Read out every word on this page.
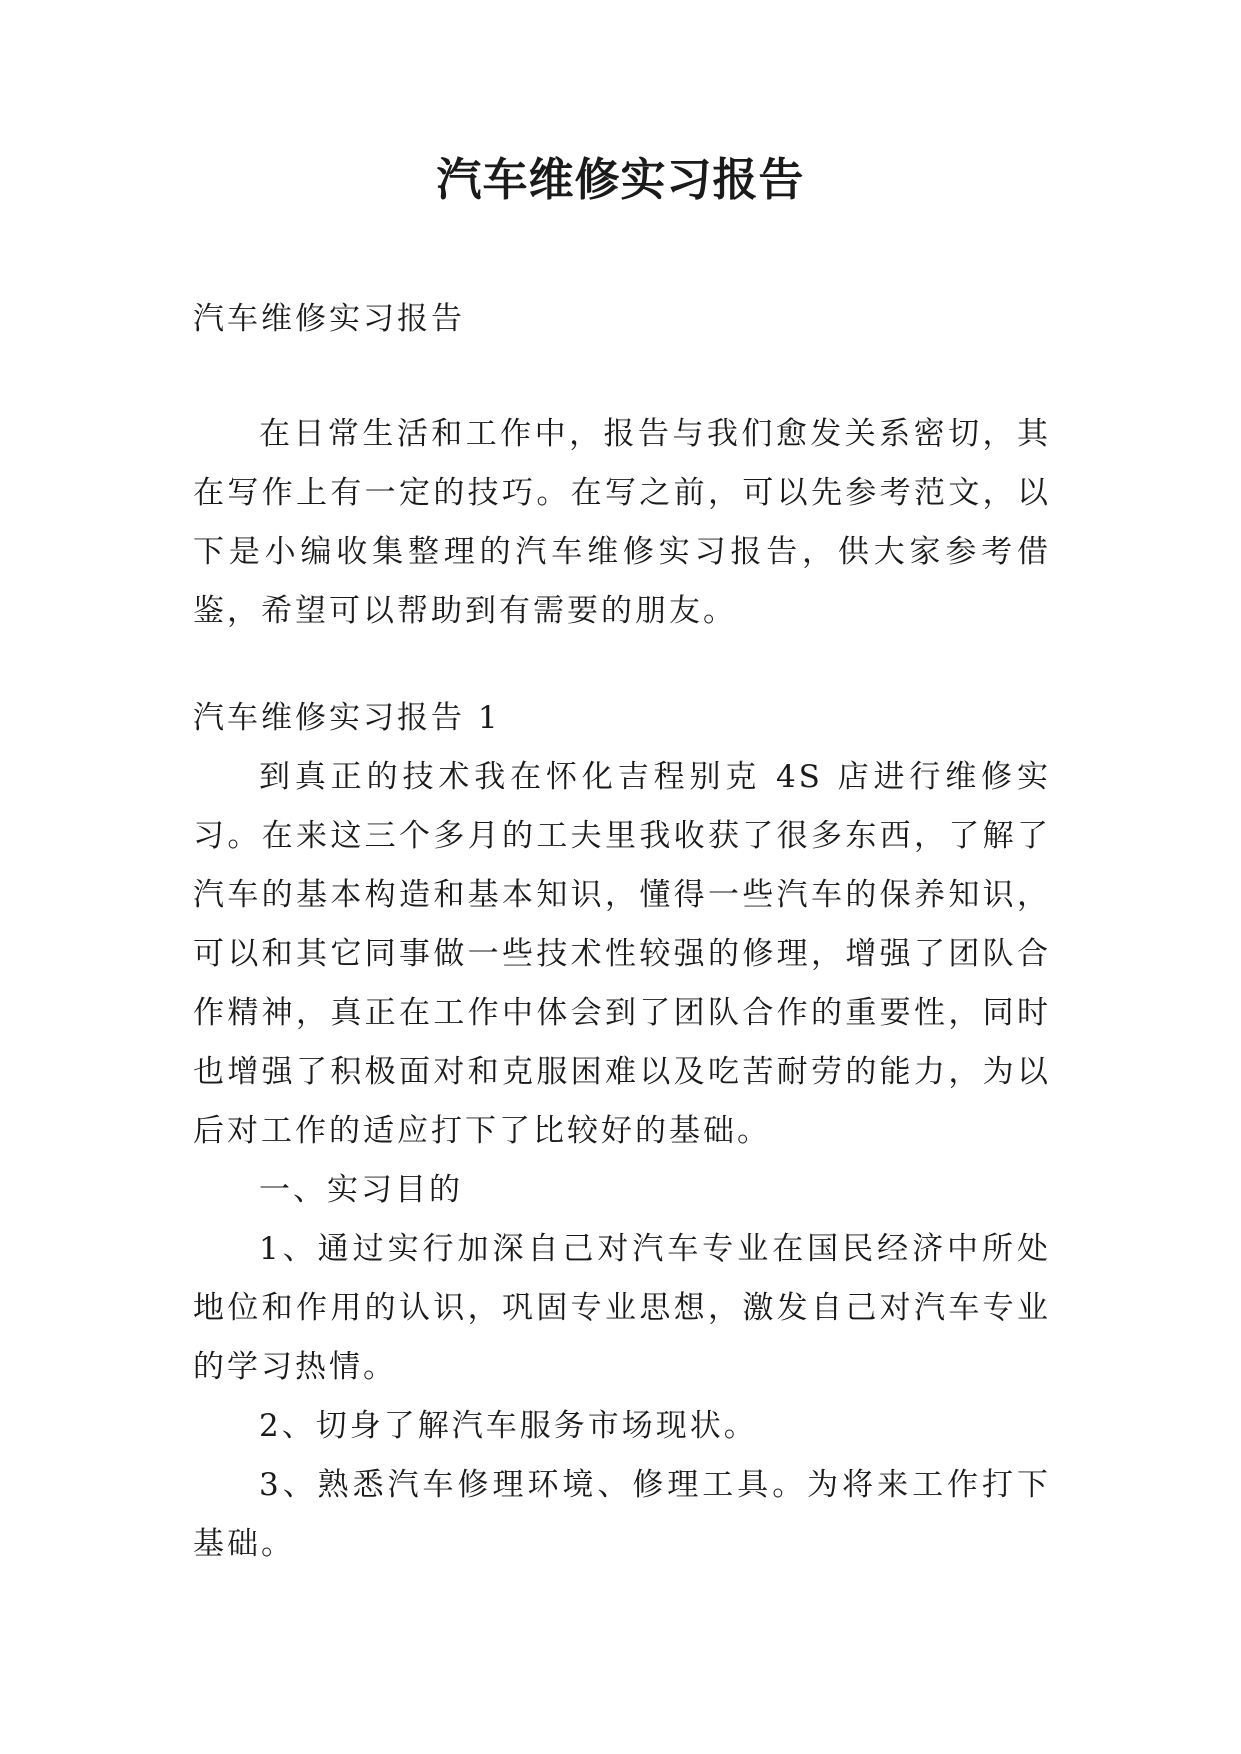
汽车维修实习报告

汽车维修实习报告

在日常生活和工作中，报告与我们愈发关系密切，其在写作上有一定的技巧。在写之前，可以先参考范文，以下是小编收集整理的汽车维修实习报告，供大家参考借鉴，希望可以帮助到有需要的朋友。

汽车维修实习报告 1

到真正的技术我在怀化吉程别克 4S 店进行维修实习。在来这三个多月的工夫里我收获了很多东西，了解了汽车的基本构造和基本知识，懂得一些汽车的保养知识，可以和其它同事做一些技术性较强的修理，增强了团队合作精神，真正在工作中体会到了团队合作的重要性，同时也增强了积极面对和克服困难以及吃苦耐劳的能力，为以后对工作的适应打下了比较好的基础。

一、实习目的

1、通过实行加深自己对汽车专业在国民经济中所处地位和作用的认识，巩固专业思想，激发自己对汽车专业的学习热情。

2、切身了解汽车服务市场现状。

3、熟悉汽车修理环境、修理工具。为将来工作打下基础。
